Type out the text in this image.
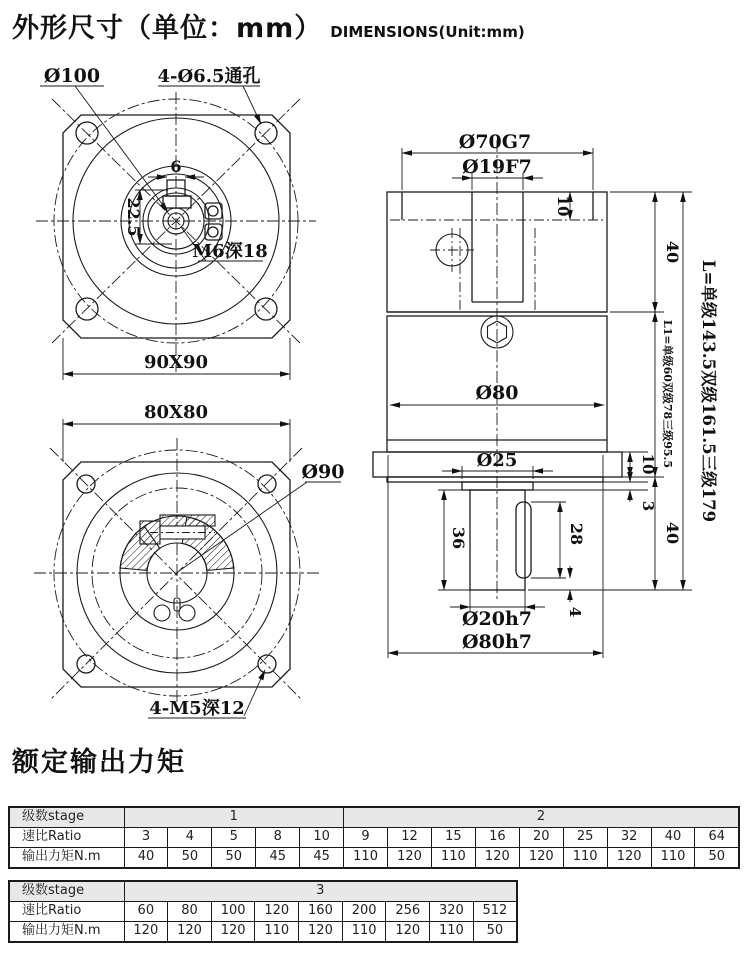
外形尺寸（单位：mm） DIMENSIONS(Unit:mm)
Ø100	4-Ø6.5通孔
6
22.5
M6深18
90X90
80X80
Ø90
4-M5深12
Ø70G7
Ø19F7
10
40
Ø80
Ø25	10
3
36	28	40
4
Ø20h7
Ø80h7
L=单级143.5双级161.5三级179
L1=单级60双级78三级95.5
额定输出力矩
级数stage	1					2								
速比Ratio	3	4	5	8	10	9	12	15	16	20	25	32	40	64
输出力矩N.m	40	50	50	45	45	110	120	110	120	120	110	120	110	50
级数stage	3								
速比Ratio	60	80	100	120	160	200	256	320	512
输出力矩N.m	120	120	120	110	120	110	120	110	50
